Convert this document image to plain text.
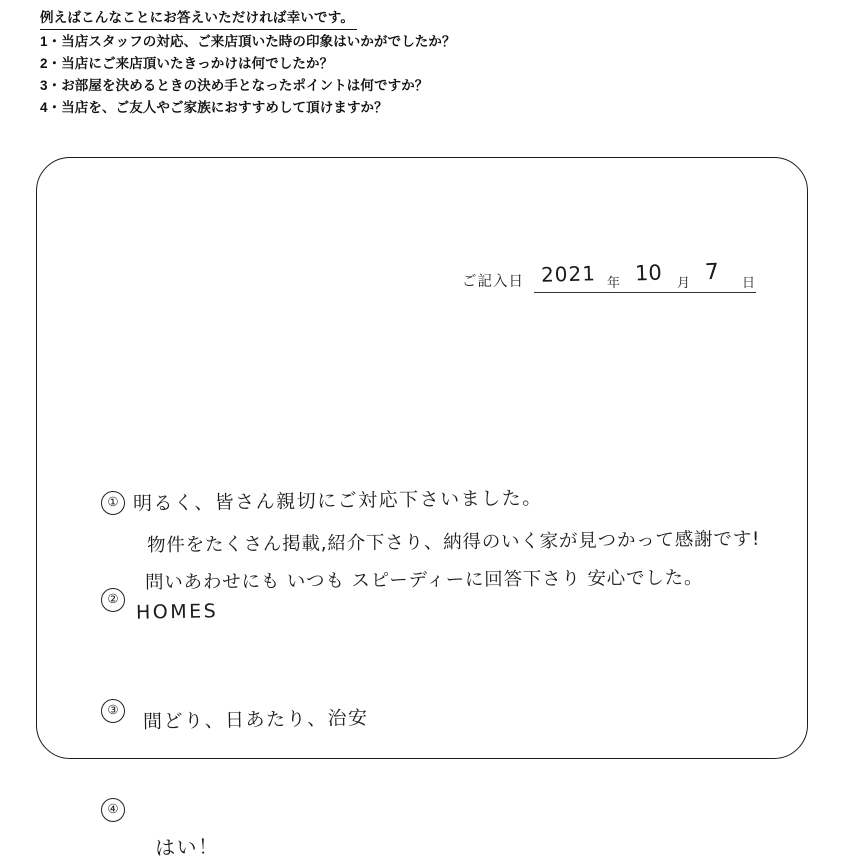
例えばこんなことにお答えいただければ幸いです。
1・当店スタッフの対応、ご来店頂いた時の印象はいかがでしたか？
2・当店にご来店頂いたきっかけは何でしたか？
3・お部屋を決めるときの決め手となったポイントは何ですか？
4・当店を、ご友人やご家族におすすめして頂けますか？
ご記入日 2021 年 10 月 7 日
① 明るく、皆さん親切にご対応下さいました。
物件をたくさん掲載,紹介下さり、納得のいく家が見つかって感謝です!
問いあわせにも いつも スピーディーに回答下さり 安心でした。
②
HOMES
③	間どり、日あたり、治安
④
はい！
